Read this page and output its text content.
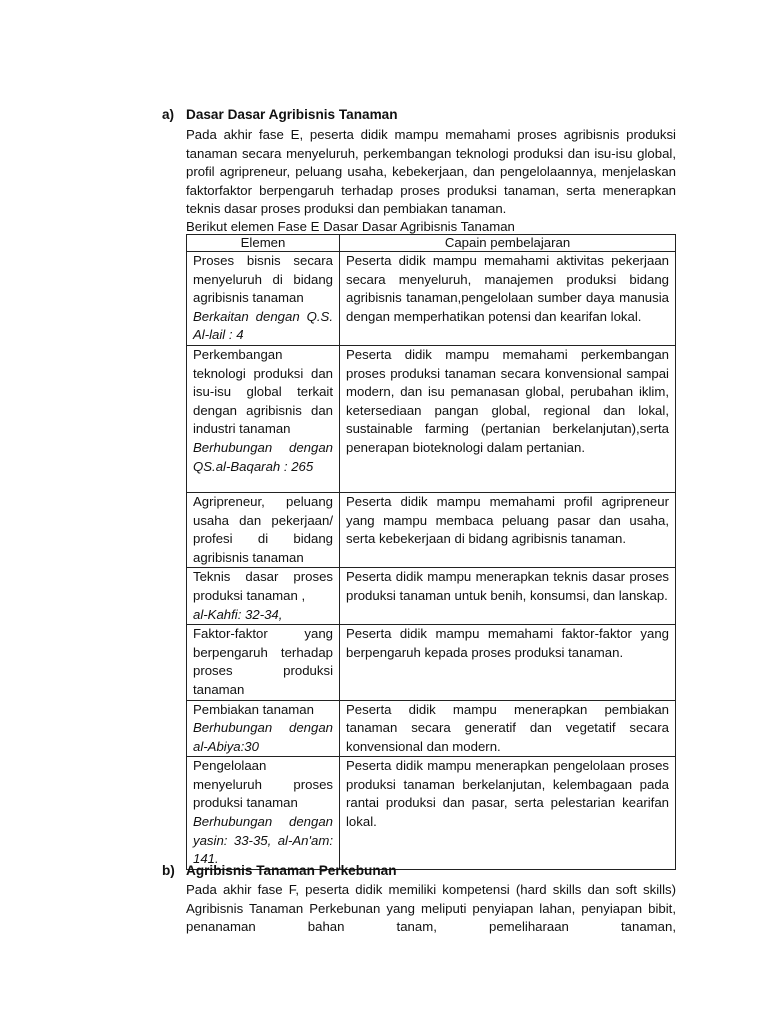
a) Dasar Dasar Agribisnis Tanaman

Pada akhir fase E, peserta didik mampu memahami proses agribisnis produksi tanaman secara menyeluruh, perkembangan teknologi produksi dan isu-isu global, profil agripreneur, peluang usaha, kebekerjaan, dan pengelolaannya, menjelaskan faktorfaktor berpengaruh terhadap proses produksi tanaman, serta menerapkan teknis dasar proses produksi dan pembiakan tanaman.

Berikut elemen Fase E Dasar Dasar Agribisnis Tanaman
Elemen	Capain pembelajaran
Proses bisnis secara menyeluruh di bidang agribisnis tanaman
Berkaitan dengan Q.S. Al-lail : 4	Peserta didik mampu memahami aktivitas pekerjaan secara menyeluruh, manajemen produksi bidang agribisnis tanaman,pengelolaan sumber daya manusia dengan memperhatikan potensi dan kearifan lokal.
Perkembangan teknologi produksi dan isu-isu global terkait dengan agribisnis dan industri tanaman
Berhubungan dengan QS.al-Baqarah : 265	Peserta didik mampu memahami perkembangan proses produksi tanaman secara konvensional sampai modern, dan isu pemanasan global, perubahan iklim, ketersediaan pangan global, regional dan lokal, sustainable farming (pertanian berkelanjutan),serta penerapan bioteknologi dalam pertanian.
Agripreneur, peluang usaha dan pekerjaan/ profesi di bidang agribisnis tanaman	Peserta didik mampu memahami profil agripreneur yang mampu membaca peluang pasar dan usaha, serta kebekerjaan di bidang agribisnis tanaman.
Teknis dasar proses produksi tanaman ,
al-Kahfi: 32-34,	Peserta didik mampu menerapkan teknis dasar proses produksi tanaman untuk benih, konsumsi, dan lanskap.
Faktor-faktor yang berpengaruh terhadap proses produksi tanaman	Peserta didik mampu memahami faktor-faktor yang berpengaruh kepada proses produksi tanaman.
Pembiakan tanaman
Berhubungan dengan al-Abiya:30	Peserta didik mampu menerapkan pembiakan tanaman secara generatif dan vegetatif secara konvensional dan modern.
Pengelolaan menyeluruh proses produksi tanaman
Berhubungan dengan yasin: 33-35, al-An'am: 141.	Peserta didik mampu menerapkan pengelolaan proses produksi tanaman berkelanjutan, kelembagaan pada rantai produksi dan pasar, serta pelestarian kearifan lokal.
b) Agribisnis Tanaman Perkebunan

Pada akhir fase F, peserta didik memiliki kompetensi (hard skills dan soft skills) Agribisnis Tanaman Perkebunan yang meliputi penyiapan lahan, penyiapan bibit, penanaman bahan tanam, pemeliharaan tanaman,
